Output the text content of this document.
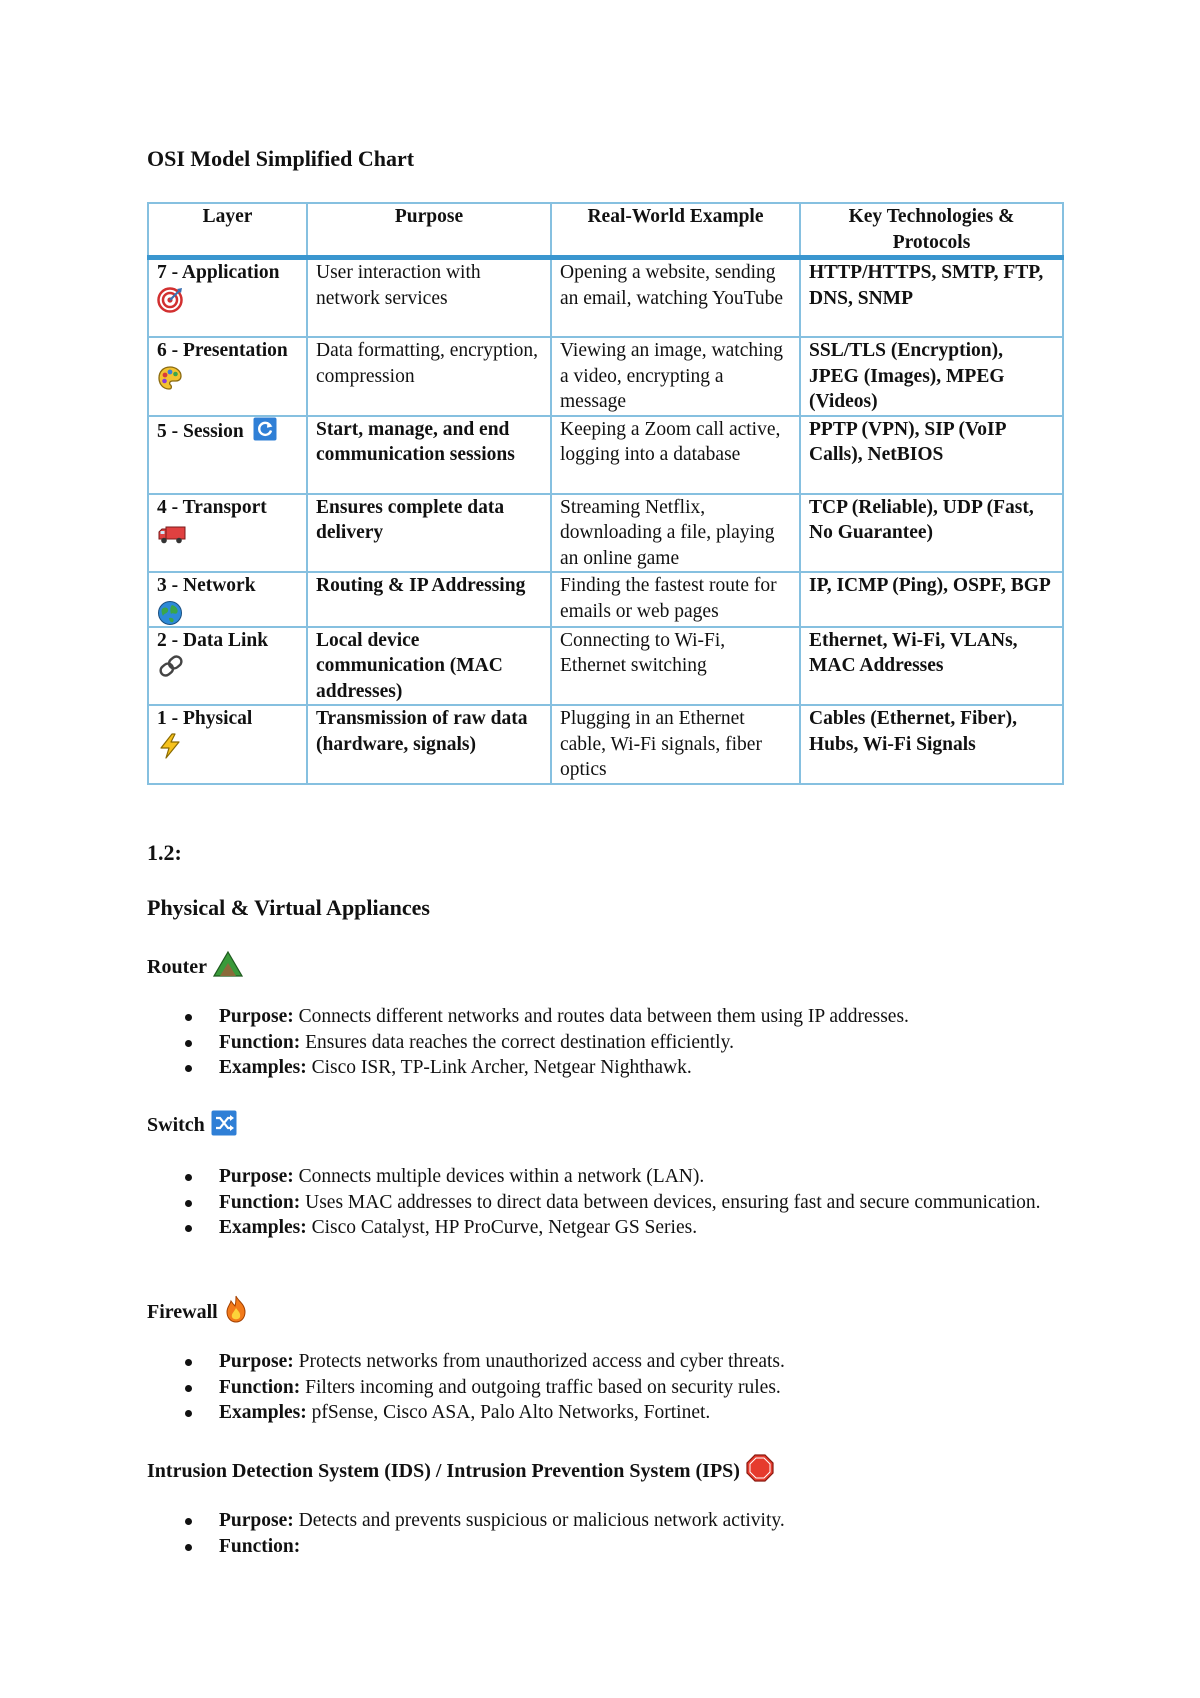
OSI Model Simplified Chart
Layer	Purpose	Real-World Example	Key Technologies & Protocols
7 - Application	User interaction with network services	Opening a website, sending an email, watching YouTube	HTTP/HTTPS, SMTP, FTP, DNS, SNMP
6 - Presentation	Data formatting, encryption, compression	Viewing an image, watching a video, encrypting a message	SSL/TLS (Encryption), JPEG (Images), MPEG (Videos)
5 - Session	Start, manage, and end communication sessions	Keeping a Zoom call active, logging into a database	PPTP (VPN), SIP (VoIP Calls), NetBIOS
4 - Transport	Ensures complete data delivery	Streaming Netflix, downloading a file, playing an online game	TCP (Reliable), UDP (Fast, No Guarantee)
3 - Network	Routing & IP Addressing	Finding the fastest route for emails or web pages	IP, ICMP (Ping), OSPF, BGP
2 - Data Link	Local device communication (MAC addresses)	Connecting to Wi-Fi, Ethernet switching	Ethernet, Wi-Fi, VLANs, MAC Addresses
1 - Physical	Transmission of raw data (hardware, signals)	Plugging in an Ethernet cable, Wi-Fi signals, fiber optics	Cables (Ethernet, Fiber), Hubs, Wi-Fi Signals
1.2:
Physical & Virtual Appliances
Router
Purpose: Connects different networks and routes data between them using IP addresses.
Function: Ensures data reaches the correct destination efficiently.
Examples: Cisco ISR, TP-Link Archer, Netgear Nighthawk.
Switch
Purpose: Connects multiple devices within a network (LAN).
Function: Uses MAC addresses to direct data between devices, ensuring fast and secure communication.
Examples: Cisco Catalyst, HP ProCurve, Netgear GS Series.
Firewall
Purpose: Protects networks from unauthorized access and cyber threats.
Function: Filters incoming and outgoing traffic based on security rules.
Examples: pfSense, Cisco ASA, Palo Alto Networks, Fortinet.
Intrusion Detection System (IDS) / Intrusion Prevention System (IPS)
Purpose: Detects and prevents suspicious or malicious network activity.
Function:
